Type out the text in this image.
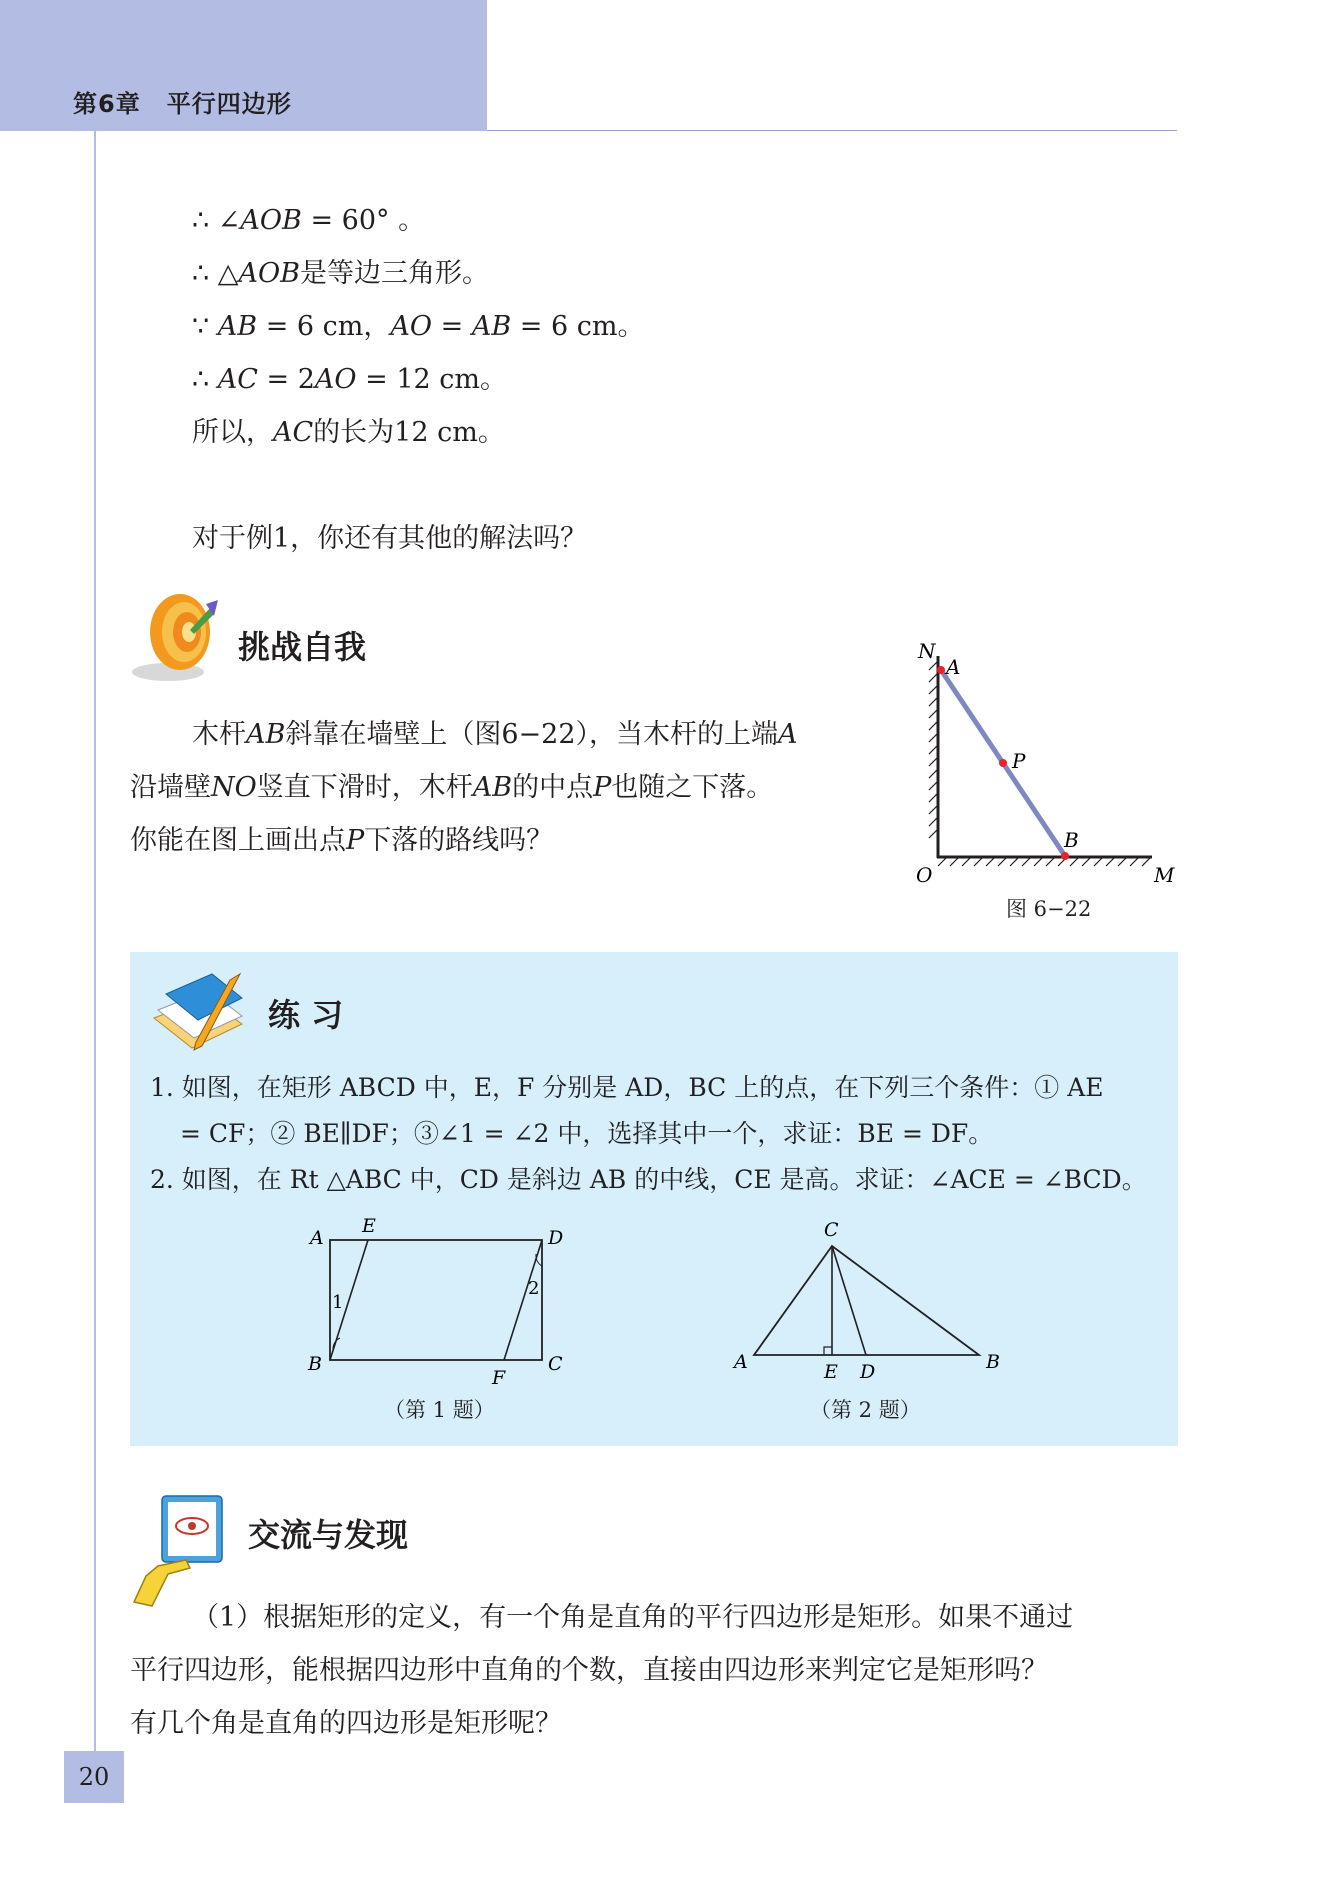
第6章 平行四边形
∴ ∠AOB = 60° 。
∴ △AOB是等边三角形。
∵ AB = 6 cm，AO = AB = 6 cm。
∴ AC = 2AO = 12 cm。
所以，AC的长为12 cm。
对于例1，你还有其他的解法吗？
挑战自我
木杆AB斜靠在墙壁上（图6−22），当木杆的上端A
沿墙壁NO竖直下滑时，木杆AB的中点P也随之下落。
你能在图上画出点P下落的路线吗？
N
A
P
B
O	M
图 6−22
练 习
1. 如图，在矩形 ABCD 中，E，F 分别是 AD，BC 上的点，在下列三个条件：① AE
= CF；② BE∥DF；③∠1 = ∠2 中，选择其中一个，求证：BE = DF。
2. 如图，在 Rt △ABC 中，CD 是斜边 AB 的中线，CE 是高。求证：∠ACE = ∠BCD。
A
E
D
B
F
C
1
2
（第 1 题）
C
A	E D	B
（第 2 题）
交流与发现
（1）根据矩形的定义，有一个角是直角的平行四边形是矩形。如果不通过
平行四边形，能根据四边形中直角的个数，直接由四边形来判定它是矩形吗？
有几个角是直角的四边形是矩形呢？
20
